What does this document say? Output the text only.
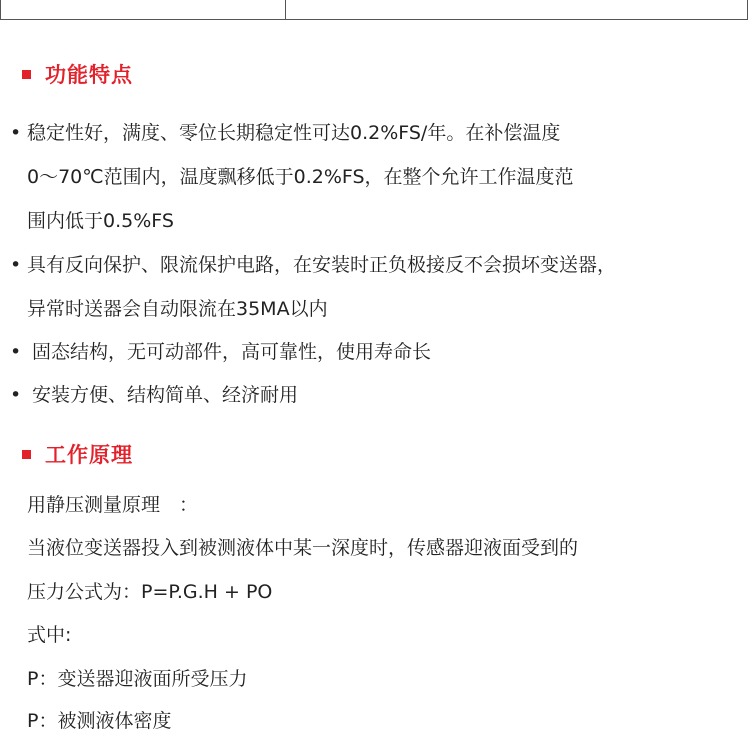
功能特点
• 稳定性好，满度、零位长期稳定性可达0.2%FS/年。在补偿温度
0～70℃范围内，温度飘移低于0.2%FS，在整个允许工作温度范
围内低于0.5%FS
• 具有反向保护、限流保护电路，在安装时正负极接反不会损坏变送器，
异常时送器会自动限流在35MA以内
• 固态结构，无可动部件，高可靠性，使用寿命长
• 安装方便、结构简单、经济耐用
工作原理
用静压测量原理　：
当液位变送器投入到被测液体中某一深度时，传感器迎液面受到的
压力公式为：P=P.G.H + PO
式中:
P：变送器迎液面所受压力
P：被测液体密度
